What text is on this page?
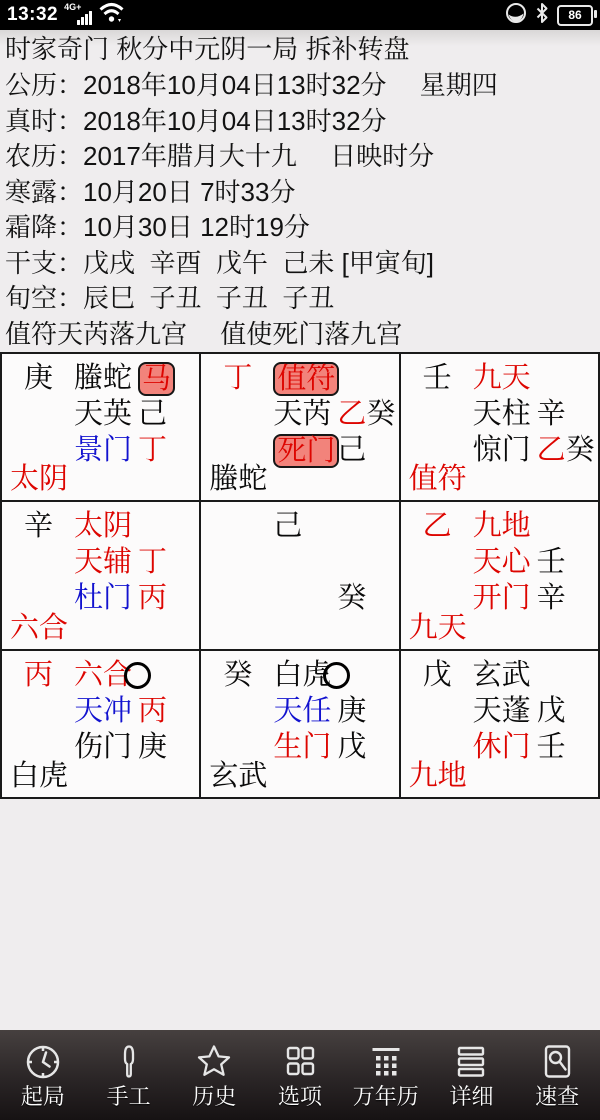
13:32 4G+
86
时家奇门 秋分中元阴一局 拆补转盘
公历： 2018年10月04日13时32分　 星期四
真时： 2018年10月04日13时32分
农历： 2017年腊月大十九　 日映时分
寒露： 10月20日 7时33分
霜降： 10月30日 12时19分
干支： 戊戌  辛酉  戊午  己未 [甲寅旬]
旬空： 辰巳  子丑  子丑  子丑
值符天芮落九宫　 值使死门落九宫
庚 螣蛇 马
天英 己
景门 丁
太阴
丁 值符
天芮 乙癸
死门 己
螣蛇
壬 九天
天柱 辛
惊门 乙癸
值符
辛 太阴
天辅 丁
杜门 丙
六合
己
癸
乙 九地
天心 壬
开门 辛
九天
丙 六合
天冲 丙
伤门 庚
白虎
癸 白虎
天任 庚
生门 戊
玄武
戊 玄武
天蓬 戊
休门 壬
九地
起局 手工 历史 选项 万年历 详细 速查
